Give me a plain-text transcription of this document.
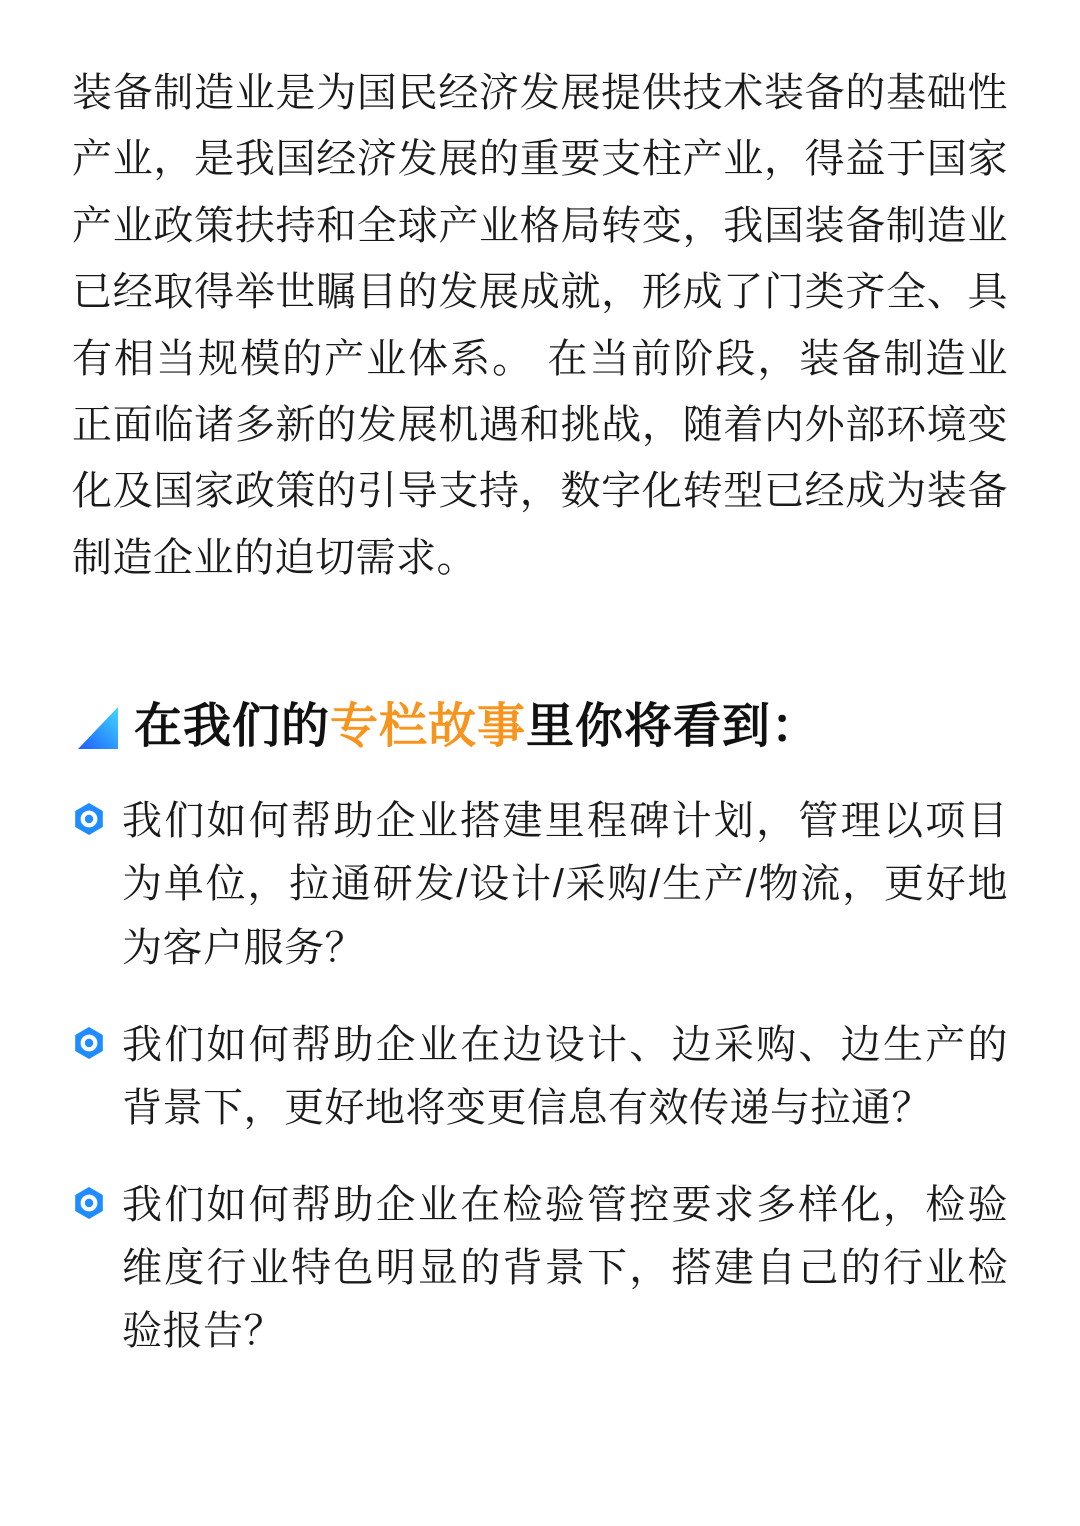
装备制造业是为国民经济发展提供技术装备的基础性产业，是我国经济发展的重要支柱产业，得益于国家产业政策扶持和全球产业格局转变，我国装备制造业已经取得举世瞩目的发展成就，形成了门类齐全、具有相当规模的产业体系。 在当前阶段，装备制造业正面临诸多新的发展机遇和挑战，随着内外部环境变化及国家政策的引导支持，数字化转型已经成为装备制造企业的迫切需求。

在我们的专栏故事里你将看到：
我们如何帮助企业搭建里程碑计划，管理以项目为单位，拉通研发/设计/采购/生产/物流，更好地为客户服务？
我们如何帮助企业在边设计、边采购、边生产的背景下，更好地将变更信息有效传递与拉通？
我们如何帮助企业在检验管控要求多样化，检验维度行业特色明显的背景下，搭建自己的行业检验报告？
